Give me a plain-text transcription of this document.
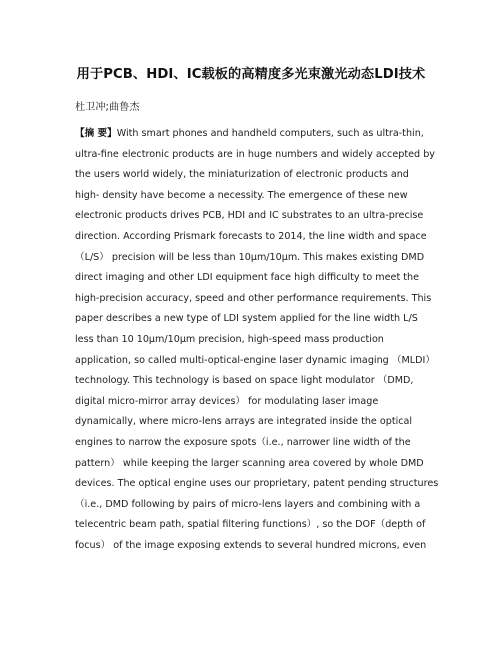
用于PCB、HDI、IC载板的高精度多光束激光动态LDI技术
杜卫冲;曲鲁杰
【摘 要】With smart phones and handheld computers, such as ultra-thin,
ultra-fine electronic products are in huge numbers and widely accepted by
the users world widely, the miniaturization of electronic products and
high- density have become a necessity. The emergence of these new
electronic products drives PCB, HDI and IC substrates to an ultra-precise
direction. According Prismark forecasts to 2014, the line width and space
（L/S） precision will be less than 10μm/10μm. This makes existing DMD
direct imaging and other LDI equipment face high difficulty to meet the
high-precision accuracy, speed and other performance requirements. This
paper describes a new type of LDI system applied for the line width L/S
less than 10 10μm/10μm precision, high-speed mass production
application, so called multi-optical-engine laser dynamic imaging （MLDI）
technology. This technology is based on space light modulator （DMD,
digital micro-mirror array devices） for modulating laser image
dynamically, where micro-lens arrays are integrated inside the optical
engines to narrow the exposure spots（i.e., narrower line width of the
pattern） while keeping the larger scanning area covered by whole DMD
devices. The optical engine uses our proprietary, patent pending structures
（i.e., DMD following by pairs of micro-lens layers and combining with a
telecentric beam path, spatial filtering functions）, so the DOF（depth of
focus） of the image exposing extends to several hundred microns, even
